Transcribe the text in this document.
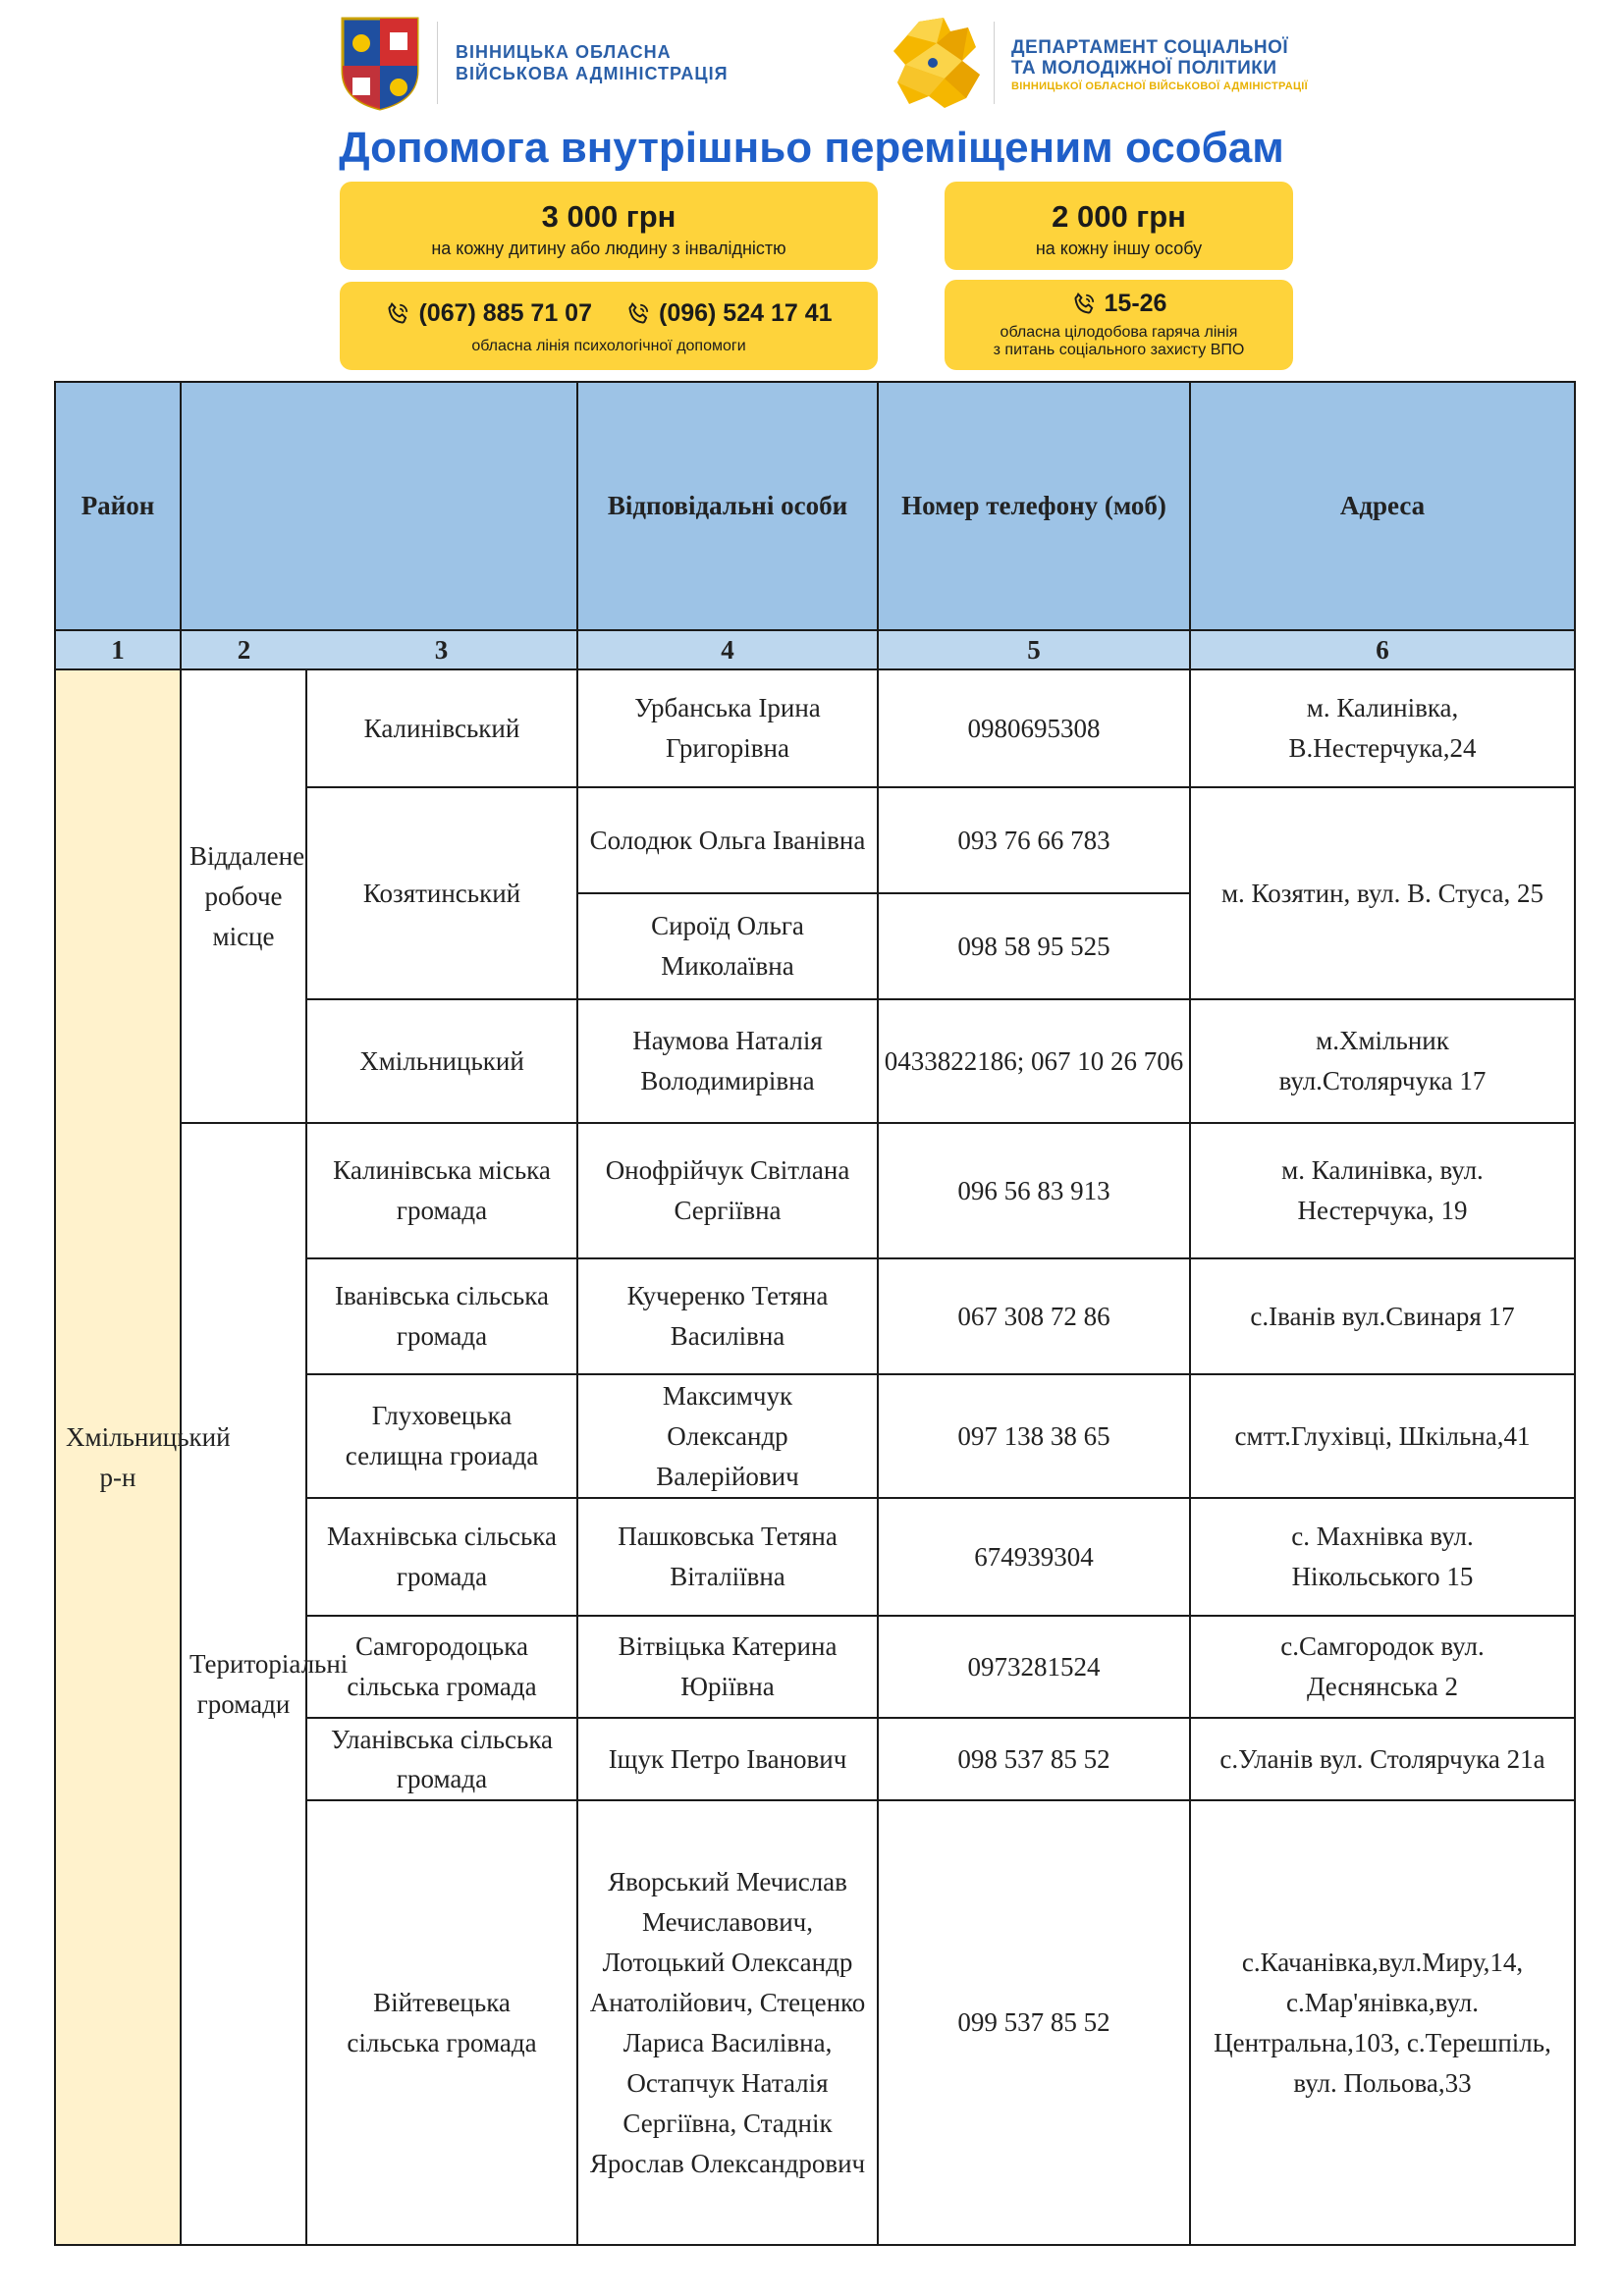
ВІННИЦЬКА ОБЛАСНА
ВІЙСЬКОВА АДМІНІСТРАЦІЯ
ДЕПАРТАМЕНТ СОЦІАЛЬНОЇ
ТА МОЛОДІЖНОЇ ПОЛІТИКИ
ВІННИЦЬКОЇ ОБЛАСНОЇ ВІЙСЬКОВОЇ АДМІНІСТРАЦІЇ
Допомога внутрішньо переміщеним особам
3 000 грн
на кожну дитину або людину з інвалідністю
2 000 грн
на кожну іншу особу
(067) 885 71 07	(096) 524 17 41
обласна лінія психологічної допомоги
15-26
обласна цілодобова гаряча лінія
з питань соціального захисту ВПО
Район			Відповідальні особи	Номер телефону (моб)	Адреса
1	2	3	4	5	6
Хмільницький р-н	Віддалене робоче місце	Калинівський	Урбанська Ірина Григорівна	0980695308	м. Калинівка, В.Нестерчука,24
		Козятинський	Солодюк Ольга Іванівна	093 76 66 783	м. Козятин, вул. В. Стуса, 25
			Сироїд Ольга Миколаївна	098 58 95 525	
		Хмільницький	Наумова Наталія Володимирівна	0433822186; 067 10 26 706	м.Хмільник вул.Столярчука 17
	Територіальні громади	Калинівська міська громада	Онофрійчук Світлана Сергіївна	096 56 83 913	м. Калинівка, вул. Нестерчука, 19
		Іванівська сільська громада	Кучеренко Тетяна Василівна	067 308 72 86	с.Іванів вул.Свинаря 17
		Глуховецька селищна гроиада	Максимчук Олександр Валерійович	097 138 38 65	смтт.Глухівці, Шкільна,41
		Махнівська сільська громада	Пашковська Тетяна Віталіївна	674939304	с. Махнівка вул. Нікольського 15
		Самгородоцька сільська громада	Вітвіцька Катерина Юріївна	0973281524	с.Самгородок вул. Деснянська 2
		Уланівська сільська громада	Іщук Петро Іванович	098 537 85 52	с.Уланів вул. Столярчука 21а
		Війтевецька сільська громада	Яворський Мечислав Мечиславович, Лотоцький Олександр Анатолійович, Стеценко Лариса Василівна, Остапчук Наталія Сергіївна, Стаднік Ярослав Олександрович	099 537 85 52	с.Качанівка,вул.Миру,14, с.Мар'янівка,вул. Центральна,103, с.Терешпіль, вул. Польова,33
